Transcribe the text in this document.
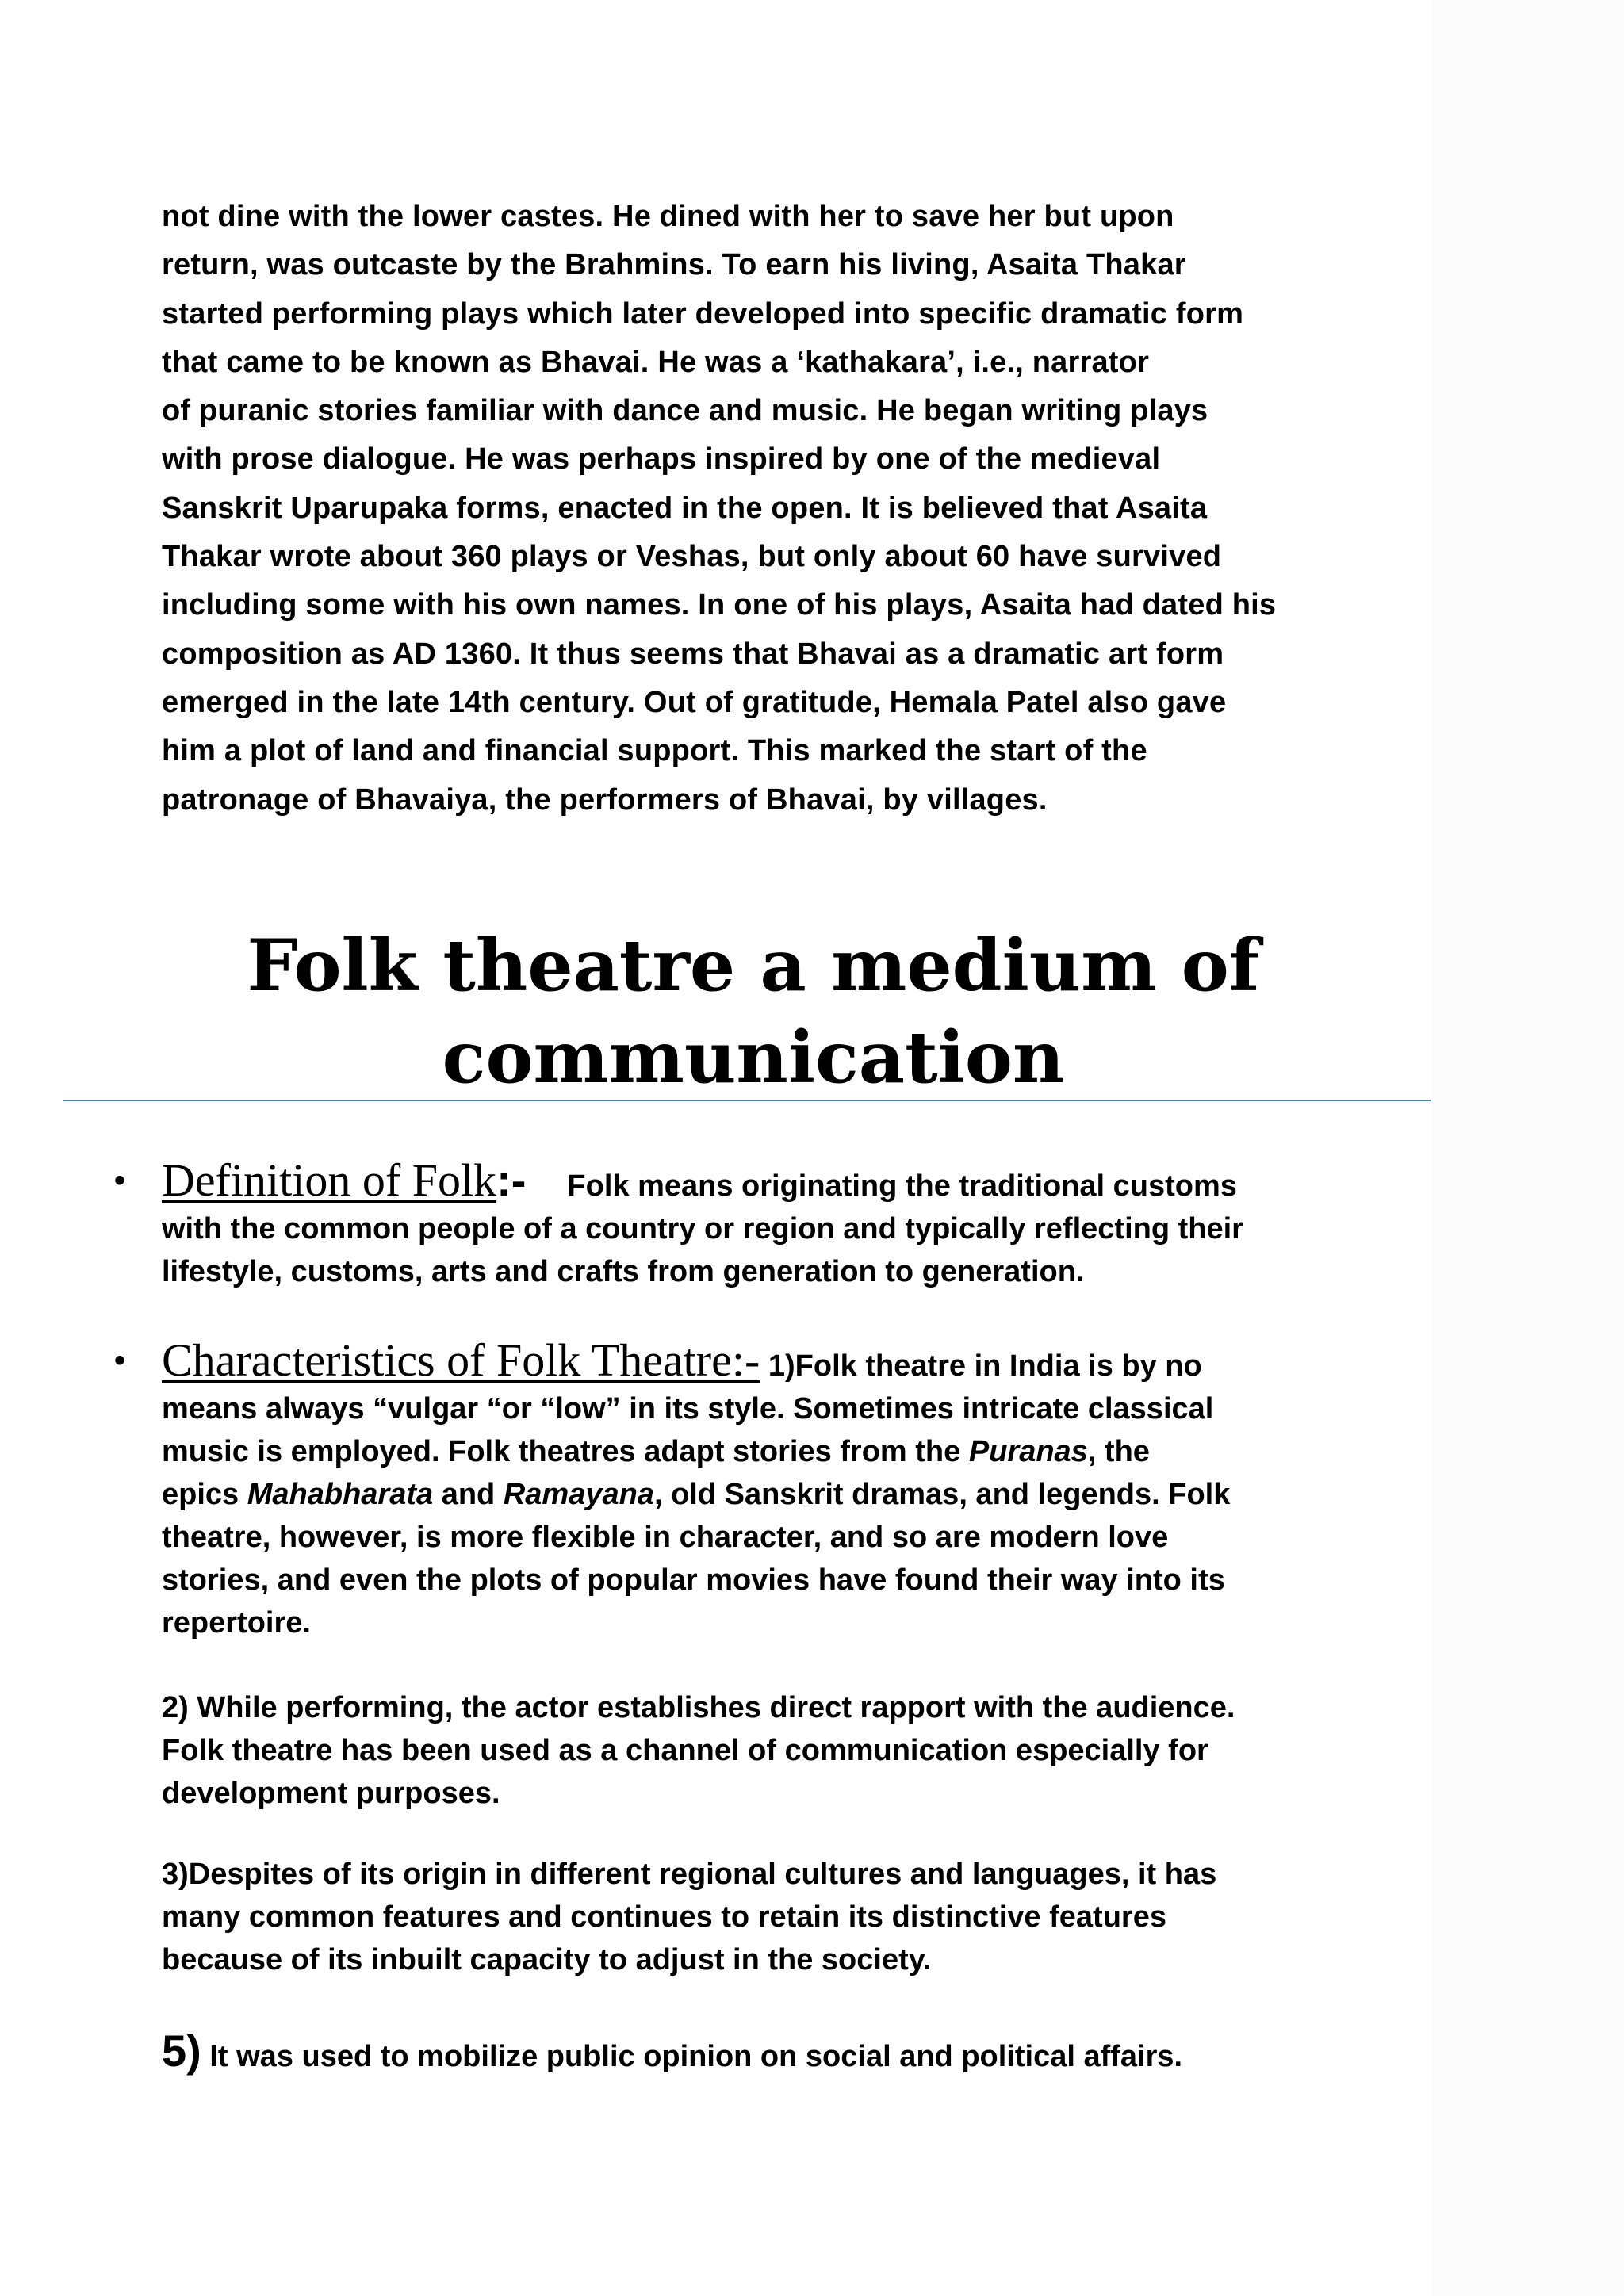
not dine with the lower castes. He dined with her to save her but upon
return, was outcaste by the Brahmins. To earn his living, Asaita Thakar
started performing plays which later developed into specific dramatic form
that came to be known as Bhavai. He was a ‘kathakara’, i.e., narrator
of puranic stories familiar with dance and music. He began writing plays
with prose dialogue. He was perhaps inspired by one of the medieval
Sanskrit Uparupaka forms, enacted in the open. It is believed that Asaita
Thakar wrote about 360 plays or Veshas, but only about 60 have survived
including some with his own names. In one of his plays, Asaita had dated his
composition as AD 1360. It thus seems that Bhavai as a dramatic art form
emerged in the late 14th century. Out of gratitude, Hemala Patel also gave
him a plot of land and financial support. This marked the start of the
patronage of Bhavaiya, the performers of Bhavai, by villages.
Folk theatre a medium of
communication
• Definition of Folk:- Folk means originating the traditional customs
with the common people of a country or region and typically reflecting their
lifestyle, customs, arts and crafts from generation to generation.
• Characteristics of Folk Theatre:- 1)Folk theatre in India is by no
means always “vulgar “or “low” in its style. Sometimes intricate classical
music is employed. Folk theatres adapt stories from the Puranas, the
epics Mahabharata and Ramayana, old Sanskrit dramas, and legends. Folk
theatre, however, is more flexible in character, and so are modern love
stories, and even the plots of popular movies have found their way into its
repertoire.
2) While performing, the actor establishes direct rapport with the audience.
Folk theatre has been used as a channel of communication especially for
development purposes.
3)Despites of its origin in different regional cultures and languages, it has
many common features and continues to retain its distinctive features
because of its inbuilt capacity to adjust in the society.
5) It was used to mobilize public opinion on social and political affairs.
